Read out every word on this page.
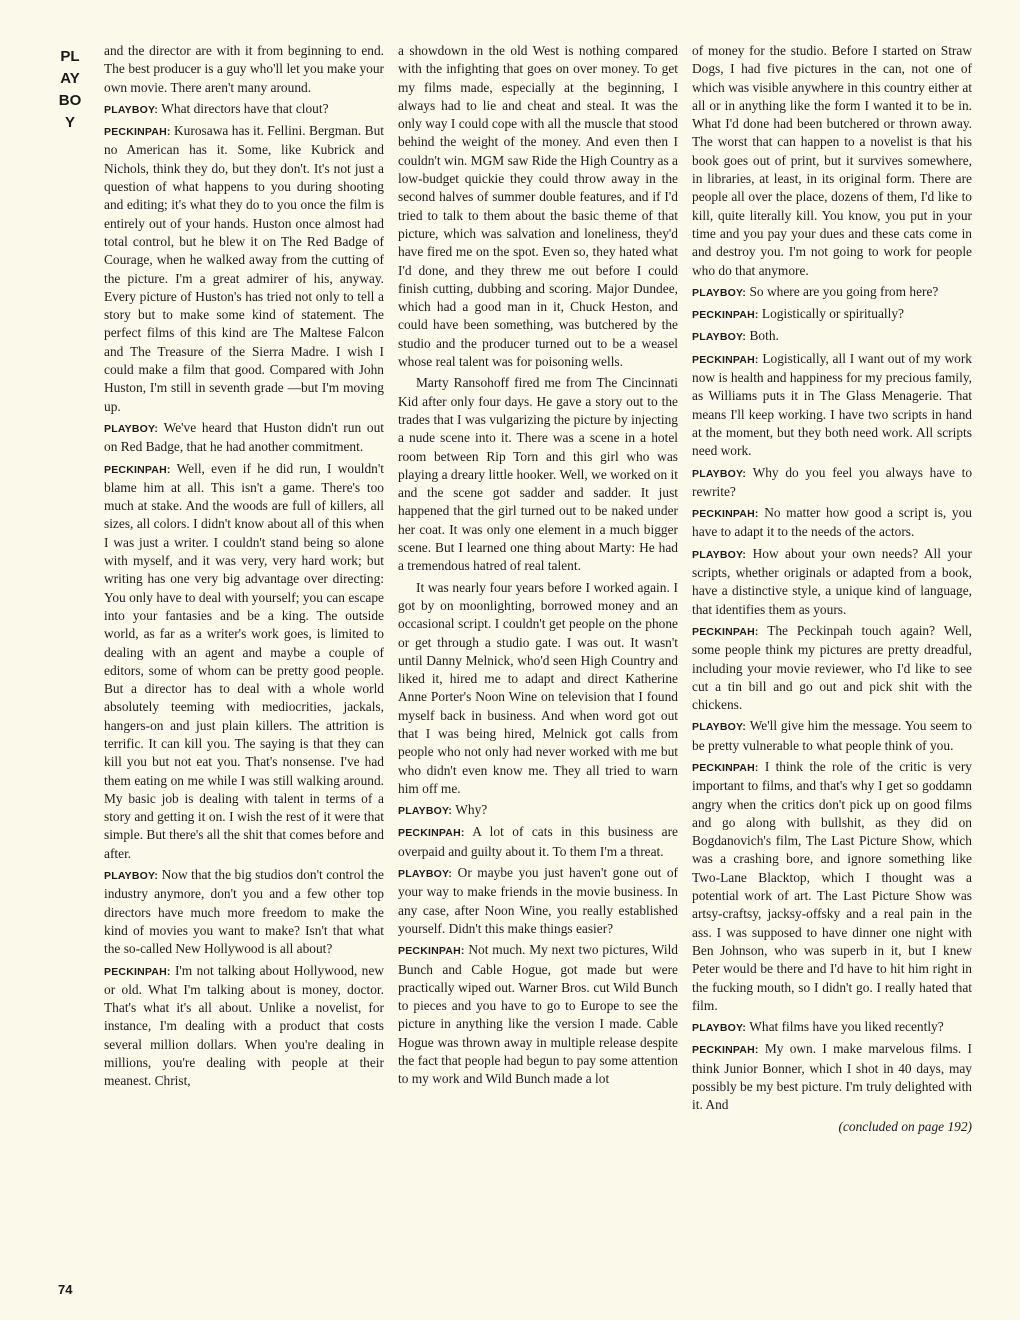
PLAYBOY
74

and the director are with it from beginning to end. The best producer is a guy who'll let you make your own movie. There aren't many around.

PLAYBOY: What directors have that clout?

PECKINPAH: Kurosawa has it. Fellini. Bergman. But no American has it. Some, like Kubrick and Nichols, think they do, but they don't. It's not just a question of what happens to you during shooting and editing; it's what they do to you once the film is entirely out of your hands. Huston once almost had total control, but he blew it on The Red Badge of Courage, when he walked away from the cutting of the picture. I'm a great admirer of his, anyway. Every picture of Huston's has tried not only to tell a story but to make some kind of statement. The perfect films of this kind are The Maltese Falcon and The Treasure of the Sierra Madre. I wish I could make a film that good. Compared with John Huston, I'm still in seventh grade —but I'm moving up.

PLAYBOY: We've heard that Huston didn't run out on Red Badge, that he had another commitment.

PECKINPAH: Well, even if he did run, I wouldn't blame him at all. This isn't a game. There's too much at stake. And the woods are full of killers, all sizes, all colors. I didn't know about all of this when I was just a writer. I couldn't stand being so alone with myself, and it was very, very hard work; but writing has one very big advantage over directing: You only have to deal with yourself; you can escape into your fantasies and be a king. The outside world, as far as a writer's work goes, is limited to dealing with an agent and maybe a couple of editors, some of whom can be pretty good people. But a director has to deal with a whole world absolutely teeming with mediocrities, jackals, hangers-on and just plain killers. The attrition is terrific. It can kill you. The saying is that they can kill you but not eat you. That's nonsense. I've had them eating on me while I was still walking around. My basic job is dealing with talent in terms of a story and getting it on. I wish the rest of it were that simple. But there's all the shit that comes before and after.

PLAYBOY: Now that the big studios don't control the industry anymore, don't you and a few other top directors have much more freedom to make the kind of movies you want to make? Isn't that what the so-called New Hollywood is all about?

PECKINPAH: I'm not talking about Hollywood, new or old. What I'm talking about is money, doctor. That's what it's all about. Unlike a novelist, for instance, I'm dealing with a product that costs several million dollars. When you're dealing in millions, you're dealing with people at their meanest. Christ,

a showdown in the old West is nothing compared with the infighting that goes on over money. To get my films made, especially at the beginning, I always had to lie and cheat and steal. It was the only way I could cope with all the muscle that stood behind the weight of the money. And even then I couldn't win. MGM saw Ride the High Country as a low-budget quickie they could throw away in the second halves of summer double features, and if I'd tried to talk to them about the basic theme of that picture, which was salvation and loneliness, they'd have fired me on the spot. Even so, they hated what I'd done, and they threw me out before I could finish cutting, dubbing and scoring. Major Dundee, which had a good man in it, Chuck Heston, and could have been something, was butchered by the studio and the producer turned out to be a weasel whose real talent was for poisoning wells.

Marty Ransohoff fired me from The Cincinnati Kid after only four days. He gave a story out to the trades that I was vulgarizing the picture by injecting a nude scene into it. There was a scene in a hotel room between Rip Torn and this girl who was playing a dreary little hooker. Well, we worked on it and the scene got sadder and sadder. It just happened that the girl turned out to be naked under her coat. It was only one element in a much bigger scene. But I learned one thing about Marty: He had a tremendous hatred of real talent.

It was nearly four years before I worked again. I got by on moonlighting, borrowed money and an occasional script. I couldn't get people on the phone or get through a studio gate. I was out. It wasn't until Danny Melnick, who'd seen High Country and liked it, hired me to adapt and direct Katherine Anne Porter's Noon Wine on television that I found myself back in business. And when word got out that I was being hired, Melnick got calls from people who not only had never worked with me but who didn't even know me. They all tried to warn him off me.

PLAYBOY: Why?

PECKINPAH: A lot of cats in this business are overpaid and guilty about it. To them I'm a threat.

PLAYBOY: Or maybe you just haven't gone out of your way to make friends in the movie business. In any case, after Noon Wine, you really established yourself. Didn't this make things easier?

PECKINPAH: Not much. My next two pictures, Wild Bunch and Cable Hogue, got made but were practically wiped out. Warner Bros. cut Wild Bunch to pieces and you have to go to Europe to see the picture in anything like the version I made. Cable Hogue was thrown away in multiple release despite the fact that people had begun to pay some attention to my work and Wild Bunch made a lot

of money for the studio. Before I started on Straw Dogs, I had five pictures in the can, not one of which was visible anywhere in this country either at all or in anything like the form I wanted it to be in. What I'd done had been butchered or thrown away. The worst that can happen to a novelist is that his book goes out of print, but it survives somewhere, in libraries, at least, in its original form. There are people all over the place, dozens of them, I'd like to kill, quite literally kill. You know, you put in your time and you pay your dues and these cats come in and destroy you. I'm not going to work for people who do that anymore.

PLAYBOY: So where are you going from here?

PECKINPAH: Logistically or spiritually?

PLAYBOY: Both.

PECKINPAH: Logistically, all I want out of my work now is health and happiness for my precious family, as Williams puts it in The Glass Menagerie. That means I'll keep working. I have two scripts in hand at the moment, but they both need work. All scripts need work.

PLAYBOY: Why do you feel you always have to rewrite?

PECKINPAH: No matter how good a script is, you have to adapt it to the needs of the actors.

PLAYBOY: How about your own needs? All your scripts, whether originals or adapted from a book, have a distinctive style, a unique kind of language, that identifies them as yours.

PECKINPAH: The Peckinpah touch again? Well, some people think my pictures are pretty dreadful, including your movie reviewer, who I'd like to see cut a tin bill and go out and pick shit with the chickens.

PLAYBOY: We'll give him the message. You seem to be pretty vulnerable to what people think of you.

PECKINPAH: I think the role of the critic is very important to films, and that's why I get so goddamn angry when the critics don't pick up on good films and go along with bullshit, as they did on Bogdanovich's film, The Last Picture Show, which was a crashing bore, and ignore something like Two-Lane Blacktop, which I thought was a potential work of art. The Last Picture Show was artsy-craftsy, jacksy-offsky and a real pain in the ass. I was supposed to have dinner one night with Ben Johnson, who was superb in it, but I knew Peter would be there and I'd have to hit him right in the fucking mouth, so I didn't go. I really hated that film.

PLAYBOY: What films have you liked recently?

PECKINPAH: My own. I make marvelous films. I think Junior Bonner, which I shot in 40 days, may possibly be my best picture. I'm truly delighted with it. And

(concluded on page 192)
